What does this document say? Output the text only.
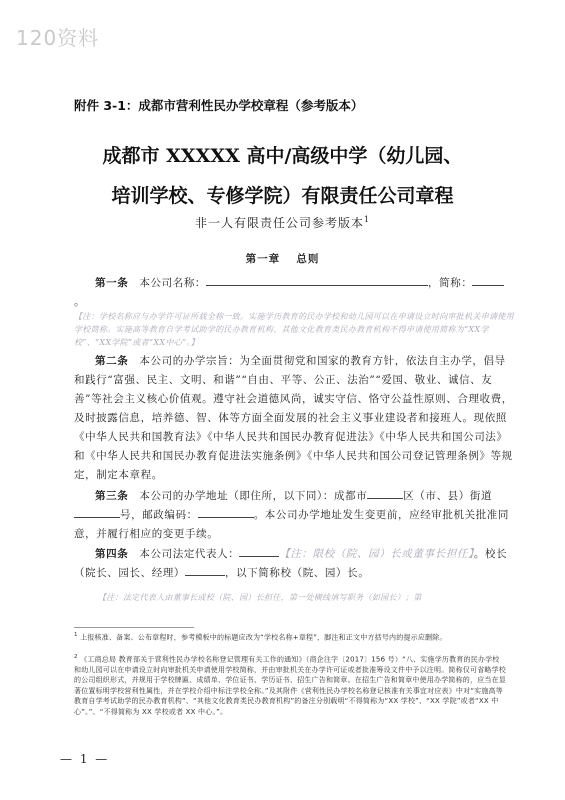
120资料
附件 3-1：成都市营利性民办学校章程（参考版本）
成都市 XXXXX 高中/高级中学（幼儿园、
培训学校、专修学院）有限责任公司章程
非一人有限责任公司参考版本$^1$
第一章　 总则
第一条　 本公司名称：	，简称：
。
【注：学校名称应与办学许可证所载全称一致。实施学历教育的民办学校和幼儿园可以在申请设立时向审批机关申请使用学校简称。实施高等教育自学考试助学的民办教育机构、其他文化教育类民办教育机构不得申请使用简称为“XX学校”、“XX学院”或者“XX中心”。】
第二条　 本公司的办学宗旨：为全面贯彻党和国家的教育方针，依法自主办学，倡导和践行“富强、民主、文明、和谐”“自由、平等、公正、法治”“爱国、敬业、诚信、友善”等社会主义核心价值观。遵守社会道德风尚，诚实守信、恪守公益性原则、合理收费，及时披露信息，培养德、智、体等方面全面发展的社会主义事业建设者和接班人。现依照《中华人民共和国教育法》《中华人民共和国民办教育促进法》《中华人民共和国公司法》和《中华人民共和国民办教育促进法实施条例》《中华人民共和国公司登记管理条例》等规定，制定本章程。
第三条　 本公司的办学地址（即住所，以下同）：成都市	区（市、县）街道号，邮政编码：	。本公司办学地址发生变更前，应经审批机关批准同意，并履行相应的变更手续。
第四条　 本公司法定代表人：	【注：限校（院、园）长或董事长担任】。校长（院长、园长、经理）	，以下简称校（院、园）长。
【注：法定代表人由董事长或校（院、园）长担任，第一处横线填写职务（如园长）；第
$^1$ 上报核准、备案、公布章程时，参考模板中的标题应改为“学校名称+章程”，脚注和正文中方括号内的提示应删除。
$^2$ 《工商总局 教育部关于营利性民办学校名称登记管理有关工作的通知》（商企注字〔2017〕156 号）“八、实施学历教育的民办学校和幼儿园可以在申请设立时向审批机关申请使用学校简称，并由审批机关在办学许可证或者批准筹设文件中予以注明。简称仅可省略学校的公司组织形式，并规用于学校牌匾、成绩单、学位证书、学历证书、招生广告和简章。在招生广告和简章中使用办学简称的，应当在显著位置标明学校营利性属性，并在学校介绍中标注学校全称。”及其附件《营利性民办学校名称登记核准有关事宜对应表》中对“实施高等教育自学考试助学的民办教育机构”、“其他文化教育类民办教育机构”的备注分别载明“不得简称为“XX 学校”、“XX 学院”或者“XX 中心”。”、“不得简称为 XX 学校或者 XX 中心。”。
— 1 —
